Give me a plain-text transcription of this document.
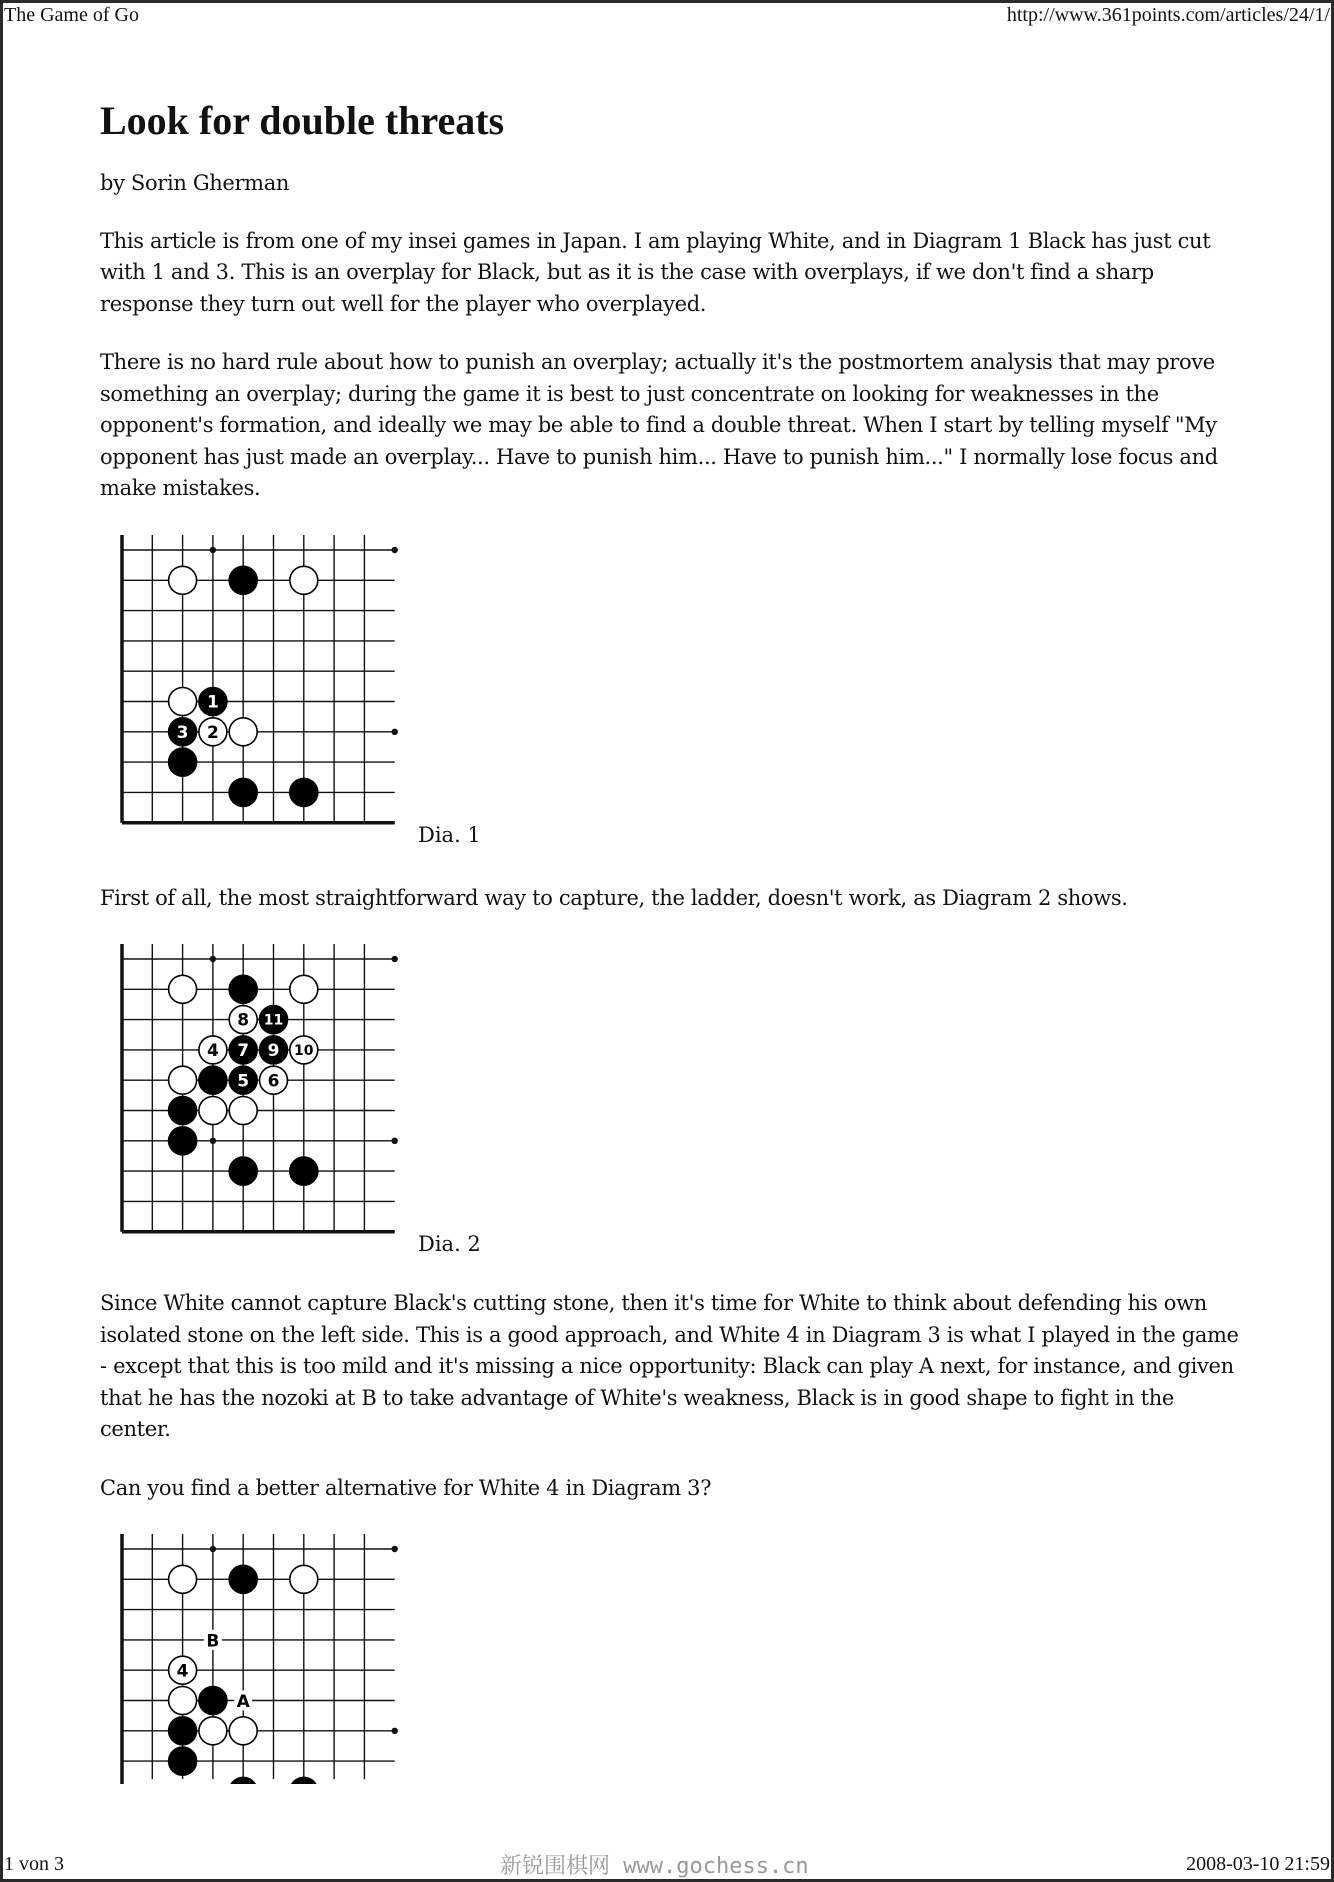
The Game of Go	http://www.361points.com/articles/24/1/
Look for double threats

by Sorin Gherman

This article is from one of my insei games in Japan. I am playing White, and in Diagram 1 Black has just cut with 1 and 3. This is an overplay for Black, but as it is the case with overplays, if we don't find a sharp response they turn out well for the player who overplayed.

There is no hard rule about how to punish an overplay; actually it's the postmortem analysis that may prove something an overplay; during the game it is best to just concentrate on looking for weaknesses in the opponent's formation, and ideally we may be able to find a double threat. When I start by telling myself "My opponent has just made an overplay... Have to punish him... Have to punish him..." I normally lose focus and make mistakes.

1
3 2
Dia. 1

First of all, the most straightforward way to capture, the ladder, doesn't work, as Diagram 2 shows.

8 11
4 7 9 10
5 6
Dia. 2

Since White cannot capture Black's cutting stone, then it's time for White to think about defending his own isolated stone on the left side. This is a good approach, and White 4 in Diagram 3 is what I played in the game - except that this is too mild and it's missing a nice opportunity: Black can play A next, for instance, and given that he has the nozoki at B to take advantage of White's weakness, Black is in good shape to fight in the center.

Can you find a better alternative for White 4 in Diagram 3?

4
B
A
1 von 3	新锐围棋网 www.gochess.cn	2008-03-10 21:59
